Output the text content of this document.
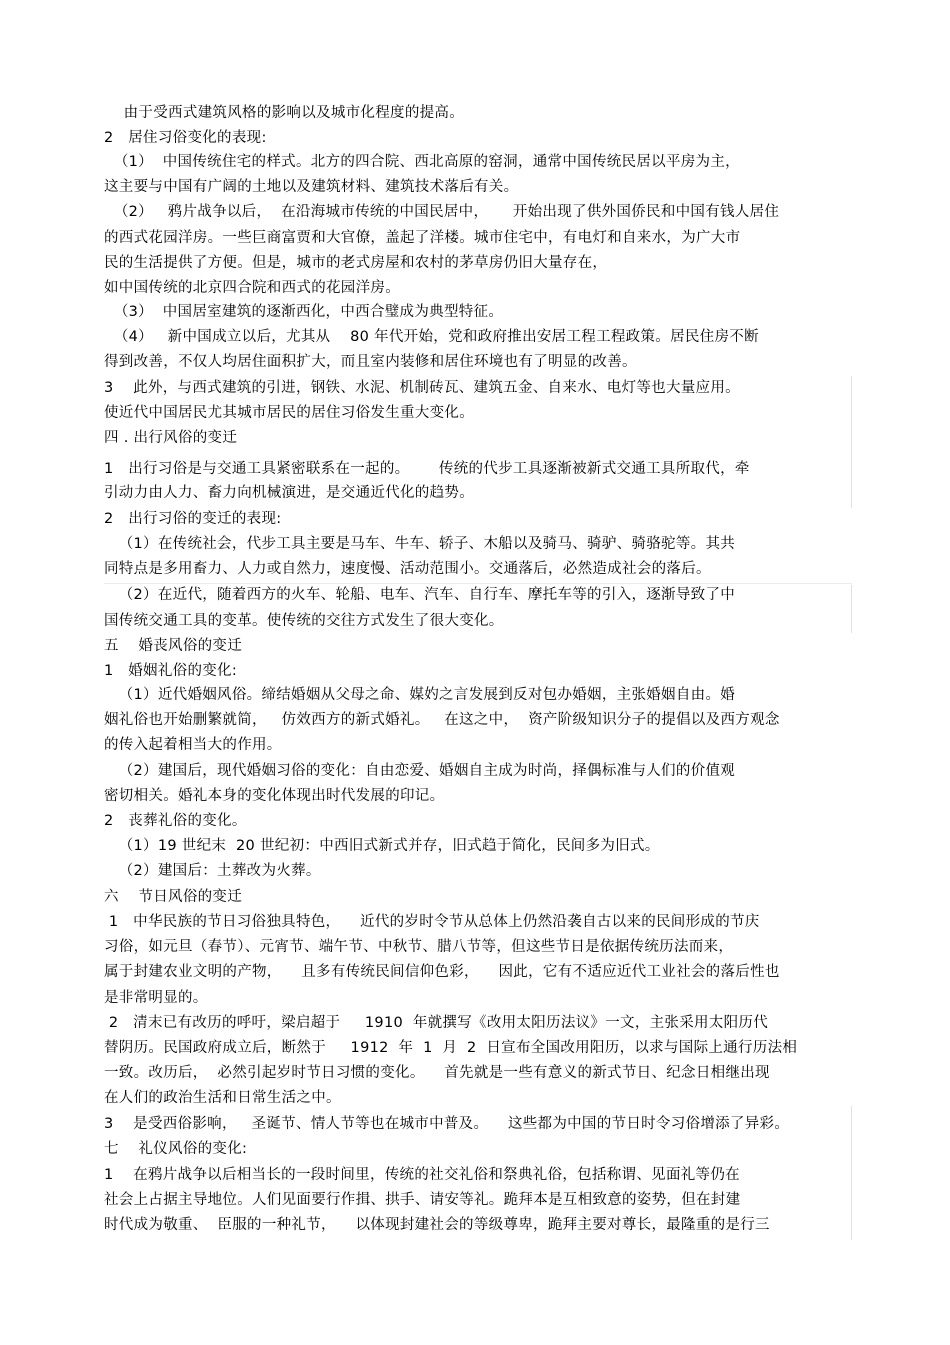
由于受西式建筑风格的影响以及城市化程度的提高。
2   居住习俗变化的表现:
（1）  中国传统住宅的样式。北方的四合院、西北高原的窑洞，通常中国传统民居以平房为主，
这主要与中国有广阔的土地以及建筑材料、建筑技术落后有关。
（2）   鸦片战争以后，  在沿海城市传统的中国民居中，     开始出现了供外国侨民和中国有钱人居住
的西式花园洋房。一些巨商富贾和大官僚，盖起了洋楼。城市住宅中，有电灯和自来水，为广大市
民的生活提供了方便。但是，城市的老式房屋和农村的茅草房仍旧大量存在，
如中国传统的北京四合院和西式的花园洋房。
（3）  中国居室建筑的逐渐西化，中西合璧成为典型特征。
（4）   新中国成立以后，尤其从    80 年代开始，党和政府推出安居工程工程政策。居民住房不断
得到改善，不仅人均居住面积扩大，而且室内装修和居住环境也有了明显的改善。
3    此外，与西式建筑的引进，钢铁、水泥、机制砖瓦、建筑五金、自来水、电灯等也大量应用。
使近代中国居民尤其城市居民的居住习俗发生重大变化。
四 . 出行风俗的变迁
1   出行习俗是与交通工具紧密联系在一起的。      传统的代步工具逐渐被新式交通工具所取代，牵
引动力由人力、畜力向机械演进，是交通近代化的趋势。
2   出行习俗的变迁的表现:
（1）在传统社会，代步工具主要是马车、牛车、轿子、木船以及骑马、骑驴、骑骆驼等。其共
同特点是多用畜力、人力或自然力，速度慢、活动范围小。交通落后，必然造成社会的落后。
（2）在近代，随着西方的火车、轮船、电车、汽车、自行车、摩托车等的引入，逐渐导致了中
国传统交通工具的变革。使传统的交往方式发生了很大变化。
五    婚丧风俗的变迁
1   婚姻礼俗的变化:
（1）近代婚姻风俗。缔结婚姻从父母之命、媒妁之言发展到反对包办婚姻，主张婚姻自由。婚
姻礼俗也开始删繁就简，   仿效西方的新式婚礼。   在这之中，  资产阶级知识分子的提倡以及西方观念
的传入起着相当大的作用。
（2）建国后，现代婚姻习俗的变化：自由恋爱、婚姻自主成为时尚，择偶标准与人们的价值观
密切相关。婚礼本身的变化体现出时代发展的印记。
2   丧葬礼俗的变化。
（1）19 世纪末  20 世纪初：中西旧式新式并存，旧式趋于简化，民间多为旧式。
（2）建国后：土葬改为火葬。
六    节日风俗的变迁
1   中华民族的节日习俗独具特色，    近代的岁时令节从总体上仍然沿袭自古以来的民间形成的节庆
习俗，如元旦（春节）、元宵节、端午节、中秋节、腊八节等，但这些节日是依据传统历法而来，
属于封建农业文明的产物，    且多有传统民间信仰色彩，    因此，它有不适应近代工业社会的落后性也
是非常明显的。
2   清末已有改历的呼吁，梁启超于     1910  年就撰写《改用太阳历法议》一文，主张采用太阳历代
替阴历。民国政府成立后，断然于     1912  年  1  月  2  日宣布全国改用阳历，以求与国际上通行历法相
一致。改历后，  必然引起岁时节日习惯的变化。    首先就是一些有意义的新式节日、纪念日相继出现
在人们的政治生活和日常生活之中。
3    是受西俗影响，   圣诞节、情人节等也在城市中普及。    这些都为中国的节日时令习俗增添了异彩。
七    礼仪风俗的变化:
1    在鸦片战争以后相当长的一段时间里，传统的社交礼俗和祭典礼俗，包括称谓、见面礼等仍在
社会上占据主导地位。人们见面要行作揖、拱手、请安等礼。跪拜本是互相致意的姿势，但在封建
时代成为敬重、  臣服的一种礼节，    以体现封建社会的等级尊卑，跪拜主要对尊长，最隆重的是行三
